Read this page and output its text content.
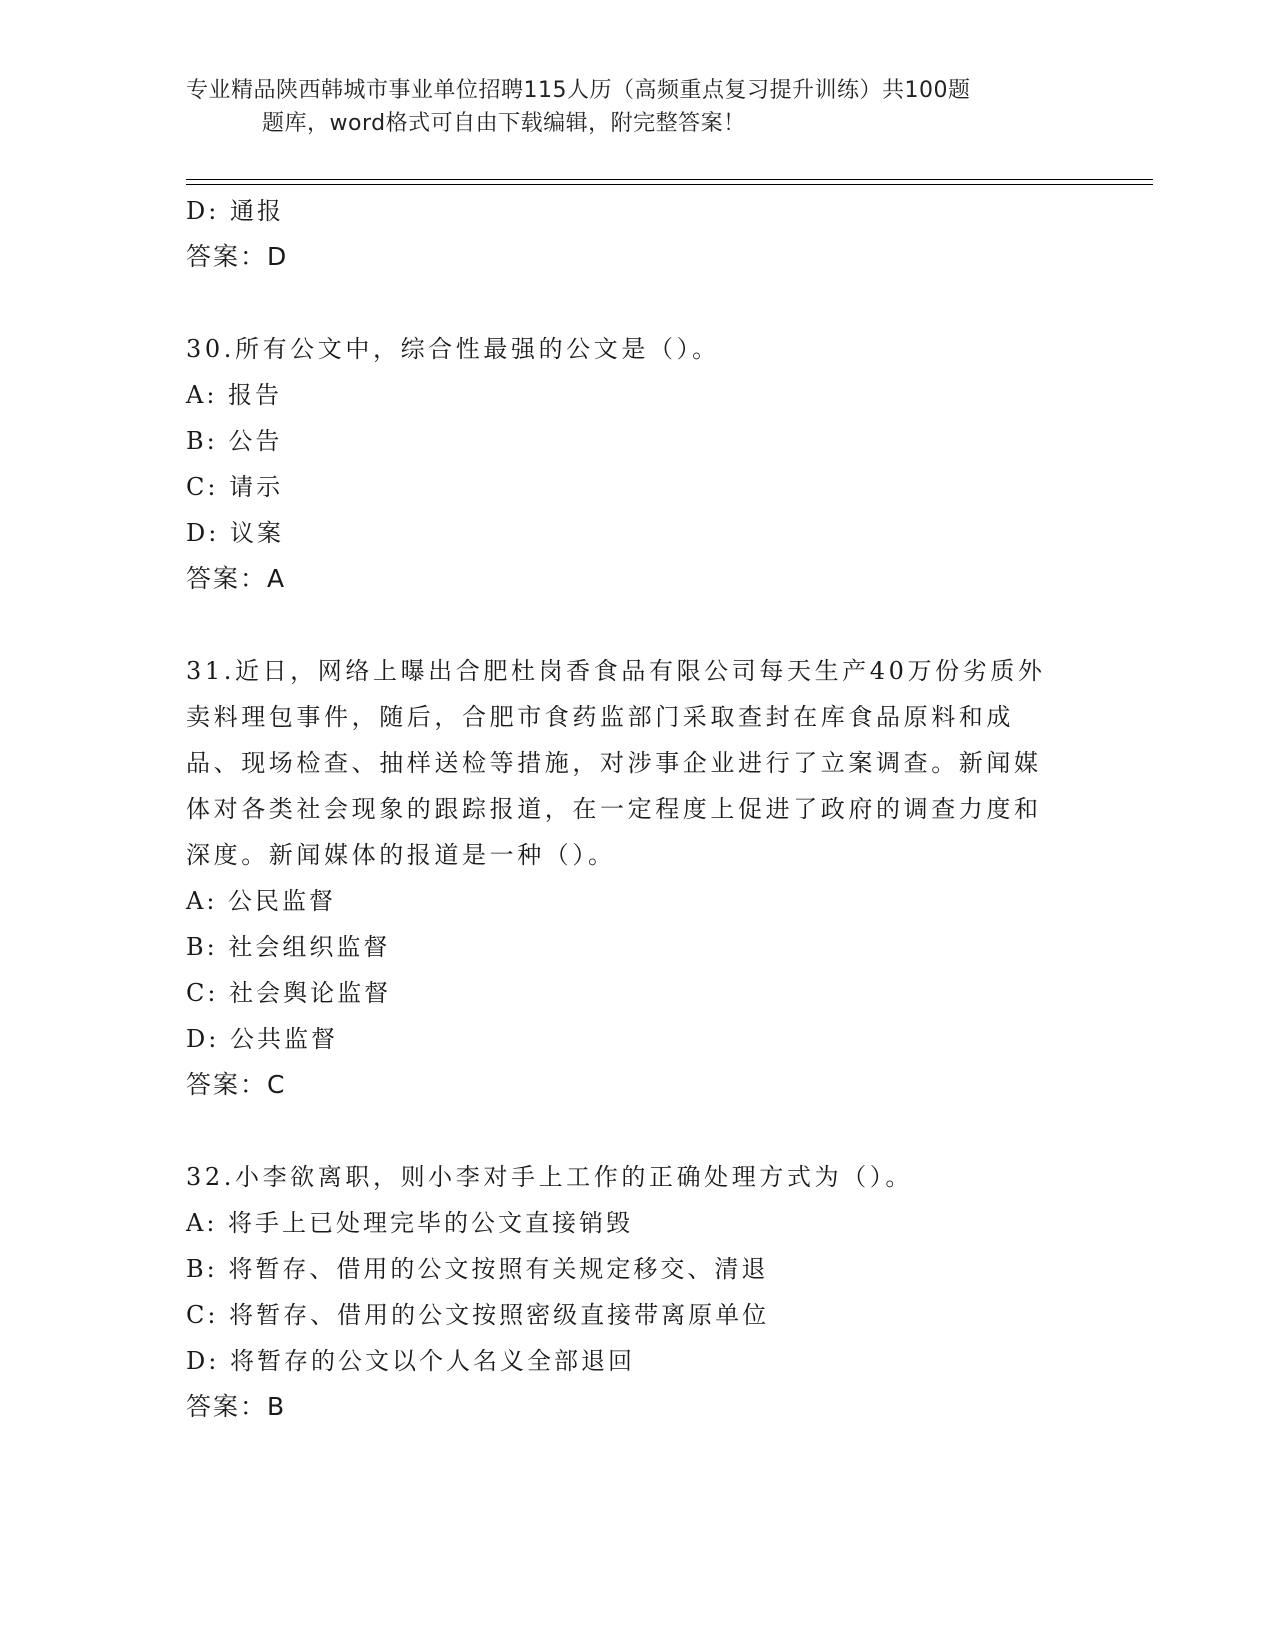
专业精品陕西韩城市事业单位招聘115人历（高频重点复习提升训练）共100题
题库，word格式可自由下载编辑，附完整答案！
D: 通报
答案：D
30.所有公文中，综合性最强的公文是（）。
A: 报告
B: 公告
C: 请示
D: 议案
答案：A
31.近日，网络上曝出合肥杜岗香食品有限公司每天生产40万份劣质外卖料理包事件，随后，合肥市食药监部门采取查封在库食品原料和成品、现场检查、抽样送检等措施，对涉事企业进行了立案调查。新闻媒体对各类社会现象的跟踪报道，在一定程度上促进了政府的调查力度和深度。新闻媒体的报道是一种（）。
A: 公民监督
B: 社会组织监督
C: 社会舆论监督
D: 公共监督
答案：C
32.小李欲离职，则小李对手上工作的正确处理方式为（）。
A: 将手上已处理完毕的公文直接销毁
B: 将暂存、借用的公文按照有关规定移交、清退
C: 将暂存、借用的公文按照密级直接带离原单位
D: 将暂存的公文以个人名义全部退回
答案：B
